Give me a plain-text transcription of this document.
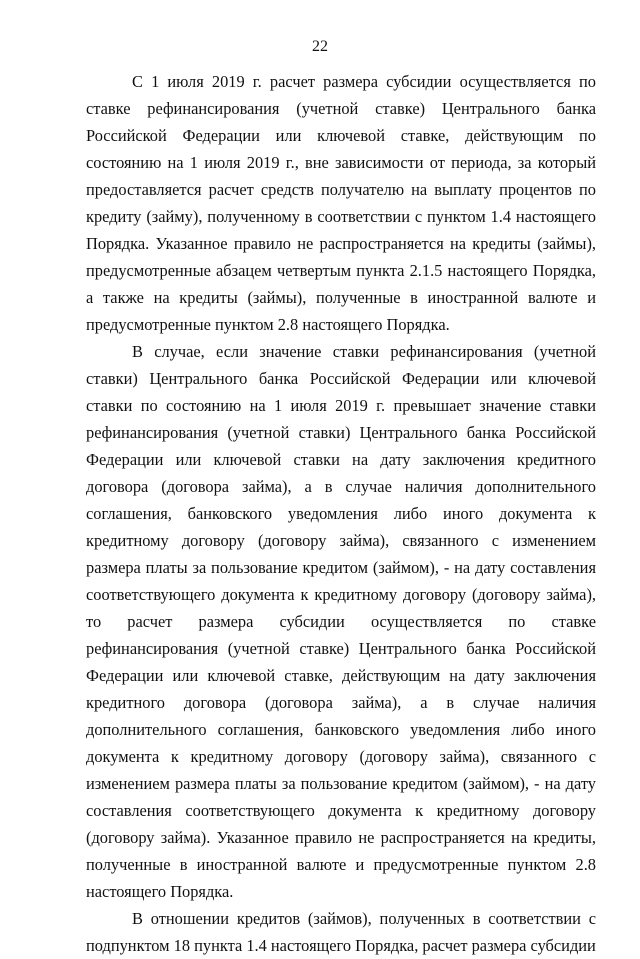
22

С 1 июля 2019 г. расчет размера субсидии осуществляется по ставке рефинансирования (учетной ставке) Центрального банка Российской Федерации или ключевой ставке, действующим по состоянию на 1 июля 2019 г., вне зависимости от периода, за который предоставляется расчет средств получателю на выплату процентов по кредиту (займу), полученному в соответствии с пунктом 1.4 настоящего Порядка. Указанное правило не распространяется на кредиты (займы), предусмотренные абзацем четвертым пункта 2.1.5 настоящего Порядка, а также на кредиты (займы), полученные в иностранной валюте и предусмотренные пунктом 2.8 настоящего Порядка.

В случае, если значение ставки рефинансирования (учетной ставки) Центрального банка Российской Федерации или ключевой ставки по состоянию на 1 июля 2019 г. превышает значение ставки рефинансирования (учетной ставки) Центрального банка Российской Федерации или ключевой ставки на дату заключения кредитного договора (договора займа), а в случае наличия дополнительного соглашения, банковского уведомления либо иного документа к кредитному договору (договору займа), связанного с изменением размера платы за пользование кредитом (займом), - на дату составления соответствующего документа к кредитному договору (договору займа), то расчет размера субсидии осуществляется по ставке рефинансирования (учетной ставке) Центрального банка Российской Федерации или ключевой ставке, действующим на дату заключения кредитного договора (договора займа), а в случае наличия дополнительного соглашения, банковского уведомления либо иного документа к кредитному договору (договору займа), связанного с изменением размера платы за пользование кредитом (займом), - на дату составления соответствующего документа к кредитному договору (договору займа). Указанное правило не распространяется на кредиты, полученные в иностранной валюте и предусмотренные пунктом 2.8 настоящего Порядка.

В отношении кредитов (займов), полученных в соответствии с подпунктом 18 пункта 1.4 настоящего Порядка, расчет размера субсидии
